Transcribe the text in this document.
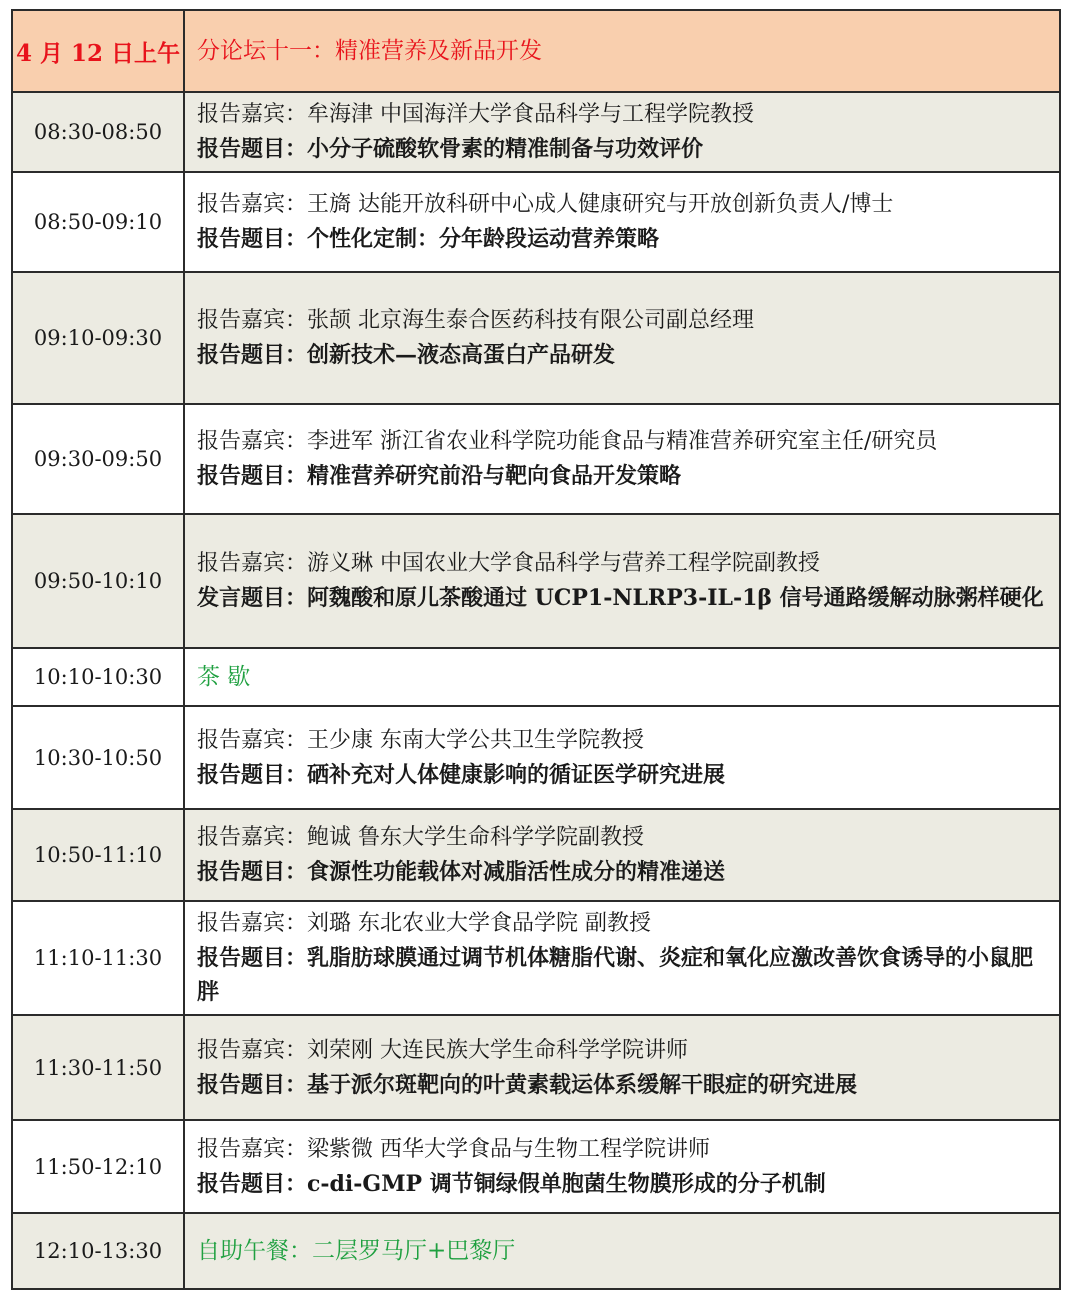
4 月 12 日上午	分论坛十一：精准营养及新品开发
08:30-08:50	报告嘉宾：牟海津 中国海洋大学食品科学与工程学院教授
报告题目：小分子硫酸软骨素的精准制备与功效评价

08:50-09:10	报告嘉宾：王旖 达能开放科研中心成人健康研究与开放创新负责人/博士
报告题目：个性化定制：分年龄段运动营养策略

09:10-09:30	报告嘉宾：张颉 北京海生泰合医药科技有限公司副总经理
报告题目：创新技术—液态高蛋白产品研发

09:30-09:50	报告嘉宾：李进军 浙江省农业科学院功能食品与精准营养研究室主任/研究员
报告题目：精准营养研究前沿与靶向食品开发策略

09:50-10:10	报告嘉宾：游义琳 中国农业大学食品科学与营养工程学院副教授
发言题目：阿魏酸和原儿茶酸通过 UCP1-NLRP3-IL-1β 信号通路缓解动脉粥样硬化

10:10-10:30	茶 歇
10:30-10:50	报告嘉宾：王少康 东南大学公共卫生学院教授
报告题目：硒补充对人体健康影响的循证医学研究进展

10:50-11:10	报告嘉宾：鲍诚 鲁东大学生命科学学院副教授
报告题目：食源性功能载体对减脂活性成分的精准递送

11:10-11:30	报告嘉宾：刘璐 东北农业大学食品学院 副教授
报告题目：乳脂肪球膜通过调节机体糖脂代谢、炎症和氧化应激改善饮食诱导的小鼠肥胖

11:30-11:50	报告嘉宾：刘荣刚 大连民族大学生命科学学院讲师
报告题目：基于派尔斑靶向的叶黄素载运体系缓解干眼症的研究进展

11:50-12:10	报告嘉宾：梁紫微 西华大学食品与生物工程学院讲师
报告题目：c-di-GMP 调节铜绿假单胞菌生物膜形成的分子机制

12:10-13:30	自助午餐：二层罗马厅+巴黎厅
